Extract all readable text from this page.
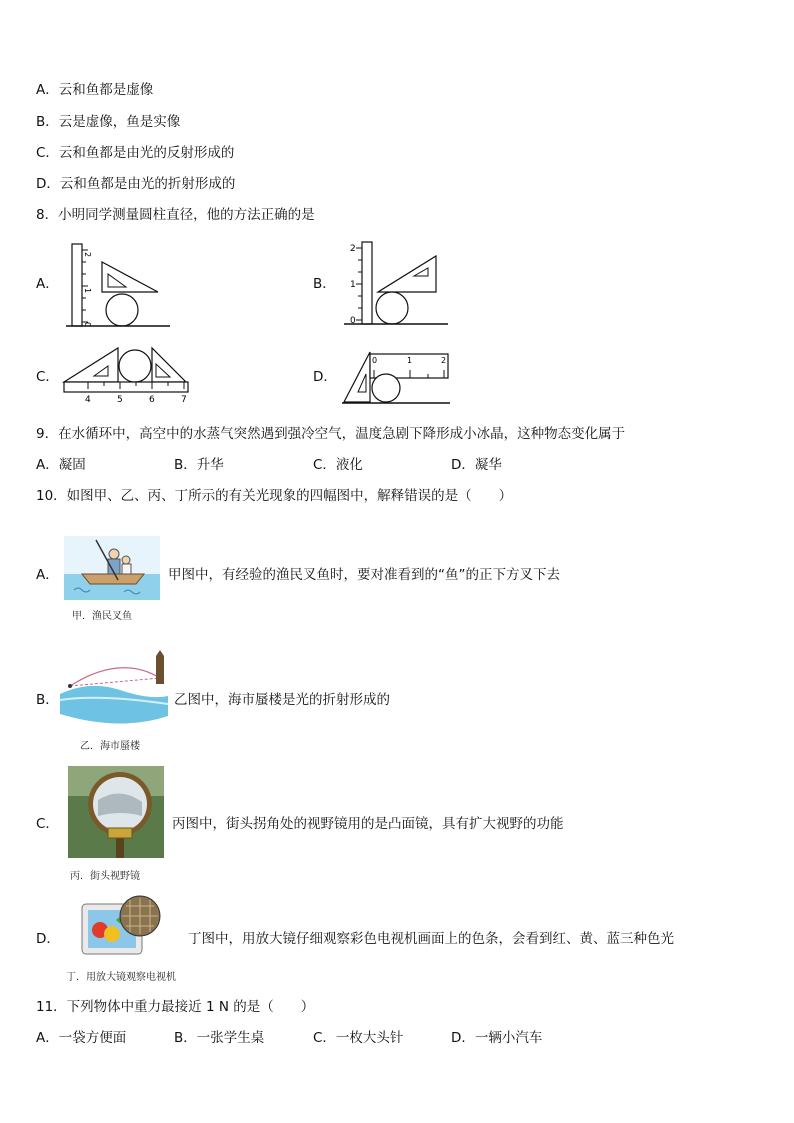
A．云和鱼都是虚像
B．云是虚像，鱼是实像
C．云和鱼都是由光的反射形成的
D．云和鱼都是由光的折射形成的
8．小明同学测量圆柱直径，他的方法正确的是
A．
2
1
0
B．
2
1
0
C．
4	5	6	7
D．
0	1	2
9．在水循环中，高空中的水蒸气突然遇到强冷空气，温度急剧下降形成小冰晶，这种物态变化属于
A．凝固	B．升华	C．液化	D．凝华
10．如图甲、乙、丙、丁所示的有关光现象的四幅图中，解释错误的是（　　）
A．
甲．渔民叉鱼
甲图中，有经验的渔民叉鱼时，要对准看到的“鱼”的正下方叉下去
B．
乙．海市蜃楼
乙图中，海市蜃楼是光的折射形成的
C．
丙．街头视野镜
丙图中，街头拐角处的视野镜用的是凸面镜，具有扩大视野的功能
D．
丁．用放大镜观察电视机
丁图中，用放大镜仔细观察彩色电视机画面上的色条，会看到红、黄、蓝三种色光
11．下列物体中重力最接近 1 N 的是（　　）
A．一袋方便面	B．一张学生桌	C．一枚大头针	D．一辆小汽车
